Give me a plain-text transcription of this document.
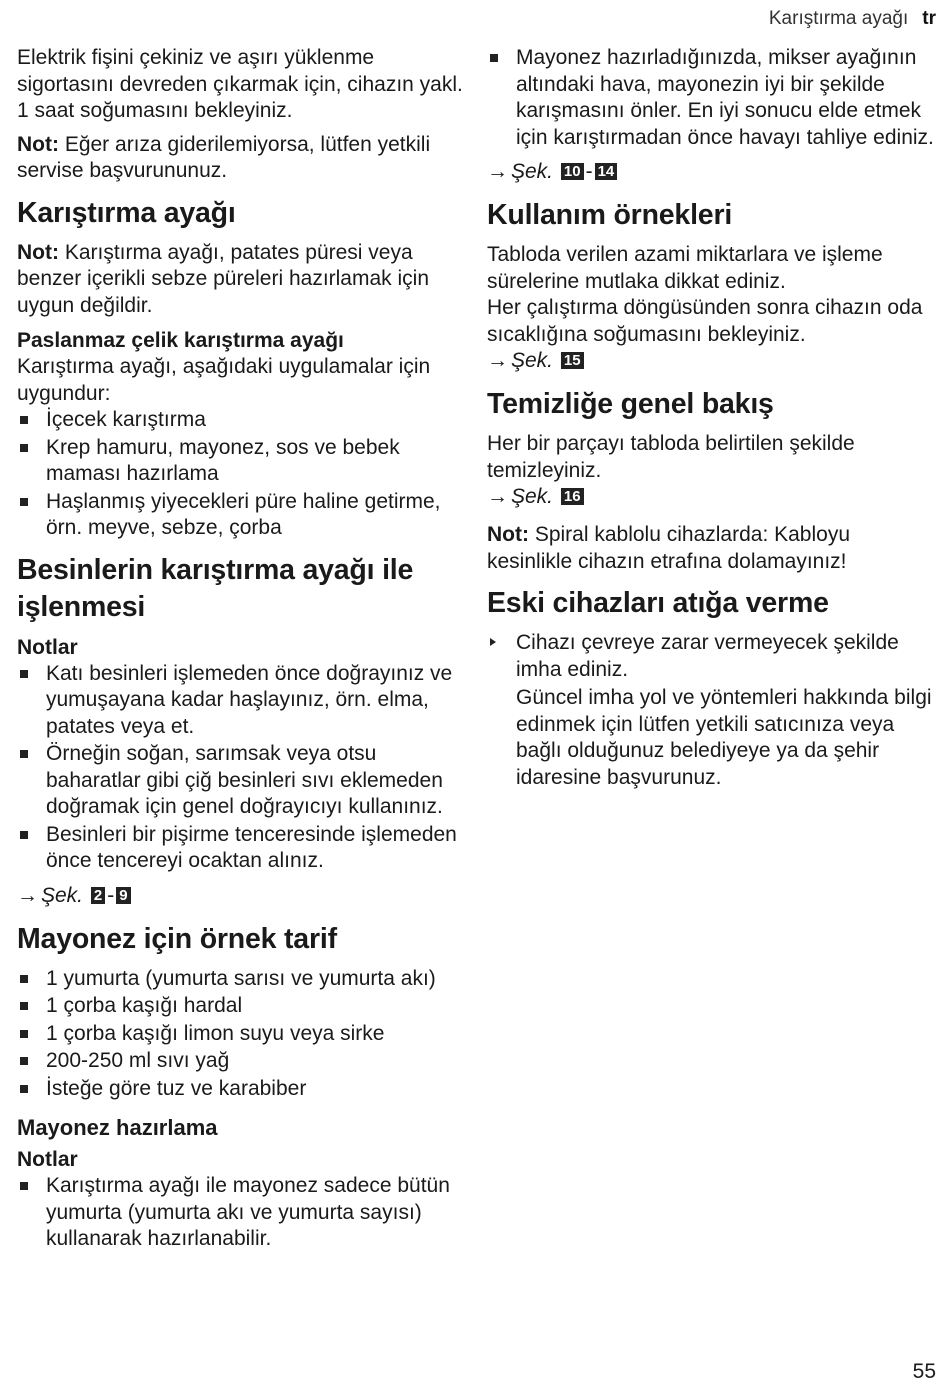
Karıştırma ayağı tr

Elektrik fişini çekiniz ve aşırı yüklenme sigortasını devreden çıkarmak için, cihazın yakl. 1 saat soğumasını bekleyiniz.

Not: Eğer arıza giderilemiyorsa, lütfen yetkili servise başvurununuz.

Karıştırma ayağı

Not: Karıştırma ayağı, patates püresi veya benzer içerikli sebze püreleri hazırlamak için uygun değildir.

Paslanmaz çelik karıştırma ayağı

Karıştırma ayağı, aşağıdaki uygulamalar için uygundur:

İçecek karıştırma
Krep hamuru, mayonez, sos ve bebek maması hazırlama
Haşlanmış yiyecekleri püre haline getirme, örn. meyve, sebze, çorba
Besinlerin karıştırma ayağı ile işlenmesi
Notlar
Katı besinleri işlemeden önce doğrayınız ve yumuşayana kadar haşlayınız, örn. elma, patates veya et.
Örneğin soğan, sarımsak veya otsu baharatlar gibi çiğ besinleri sıvı eklemeden doğramak için genel doğrayıcıyı kullanınız.
Besinleri bir pişirme tenceresinde işlemeden önce tencereyi ocaktan alınız.
→ Şek. 2 - 9
Mayonez için örnek tarif
1 yumurta (yumurta sarısı ve yumurta akı)
1 çorba kaşığı hardal
1 çorba kaşığı limon suyu veya sirke
200-250 ml sıvı yağ
İsteğe göre tuz ve karabiber
Mayonez hazırlama
Notlar
Karıştırma ayağı ile mayonez sadece bütün yumurta (yumurta akı ve yumurta sayısı) kullanarak hazırlanabilir.
Mayonez hazırladığınızda, mikser ayağının altındaki hava, mayonezin iyi bir şekilde karışmasını önler. En iyi sonucu elde etmek için karıştırmadan önce havayı tahliye ediniz.
→ Şek. 10 - 14
Kullanım örnekleri

Tabloda verilen azami miktarlara ve işleme sürelerine mutlaka dikkat ediniz.

Her çalıştırma döngüsünden sonra cihazın oda sıcaklığına soğumasını bekleyiniz.

→ Şek. 15
Temizliğe genel bakış

Her bir parçayı tabloda belirtilen şekilde temizleyiniz.

→ Şek. 16

Not: Spiral kablolu cihazlarda: Kabloyu kesinlikle cihazın etrafına dolamayınız!

Eski cihazları atığa verme
Cihazı çevreye zarar vermeyecek şekilde imha ediniz.

Güncel imha yol ve yöntemleri hakkında bilgi edinmek için lütfen yetkili satıcınıza veya bağlı olduğunuz belediyeye ya da şehir idaresine başvurunuz.

55
